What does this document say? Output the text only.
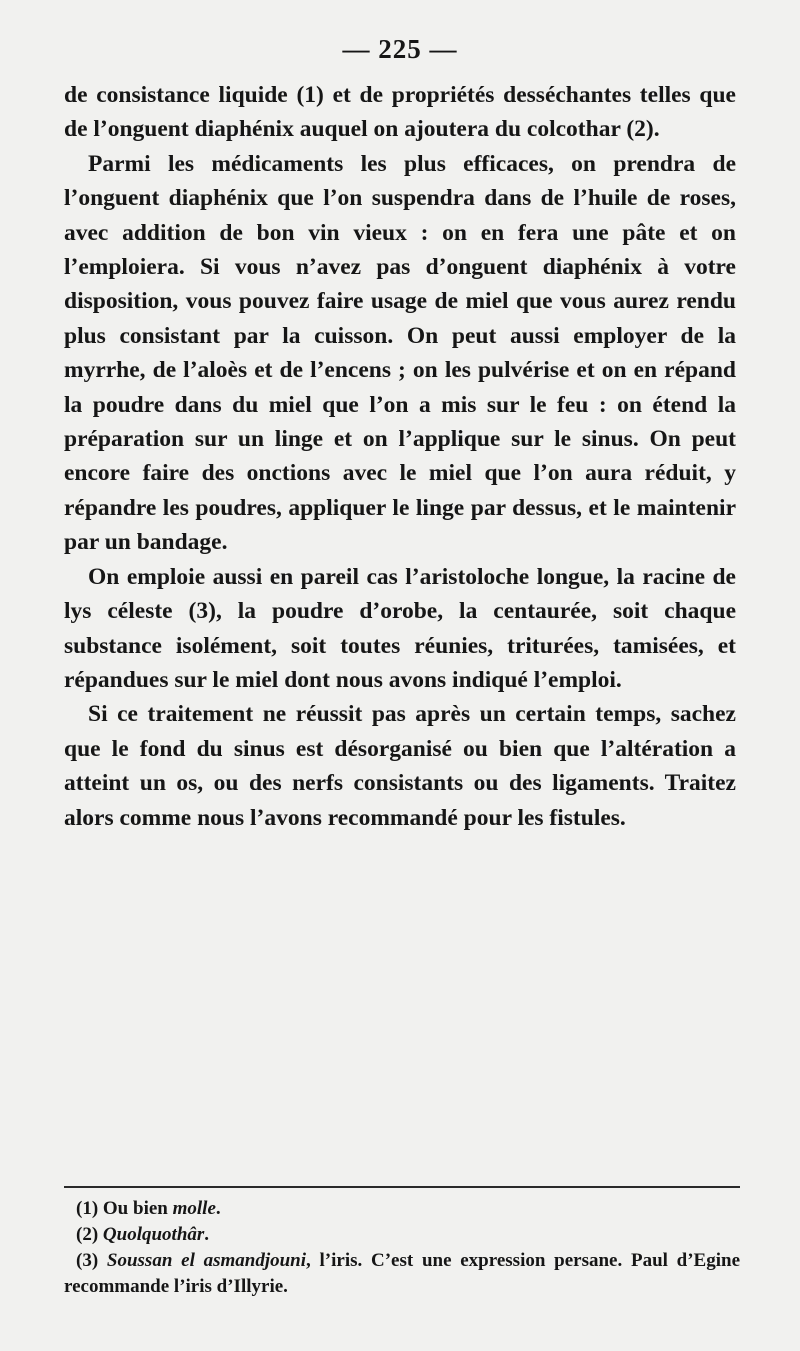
— 225 —

de consistance liquide (1) et de propriétés desséchantes telles que de l’onguent diaphénix auquel on ajoutera du colcothar (2).

Parmi les médicaments les plus efficaces, on prendra de l’onguent diaphénix que l’on suspendra dans de l’huile de roses, avec addition de bon vin vieux : on en fera une pâte et on l’emploiera. Si vous n’avez pas d’onguent diaphénix à votre disposition, vous pouvez faire usage de miel que vous aurez rendu plus consistant par la cuisson. On peut aussi employer de la myrrhe, de l’aloès et de l’encens ; on les pulvérise et on en répand la poudre dans du miel que l’on a mis sur le feu : on étend la préparation sur un linge et on l’applique sur le sinus. On peut encore faire des onctions avec le miel que l’on aura réduit, y répandre les poudres, appliquer le linge par dessus, et le maintenir par un bandage.

On emploie aussi en pareil cas l’aristoloche longue, la racine de lys céleste (3), la poudre d’orobe, la centaurée, soit chaque substance isolément, soit toutes réunies, triturées, tamisées, et répandues sur le miel dont nous avons indiqué l’emploi.

Si ce traitement ne réussit pas après un certain temps, sachez que le fond du sinus est désorganisé ou bien que l’altération a atteint un os, ou des nerfs consistants ou des ligaments. Traitez alors comme nous l’avons recommandé pour les fistules.

(1) Ou bien molle.

(2) Quolquothâr.

(3) Soussan el asmandjouni, l’iris. C’est une expression persane. Paul d’Egine recommande l’iris d’Illyrie.
